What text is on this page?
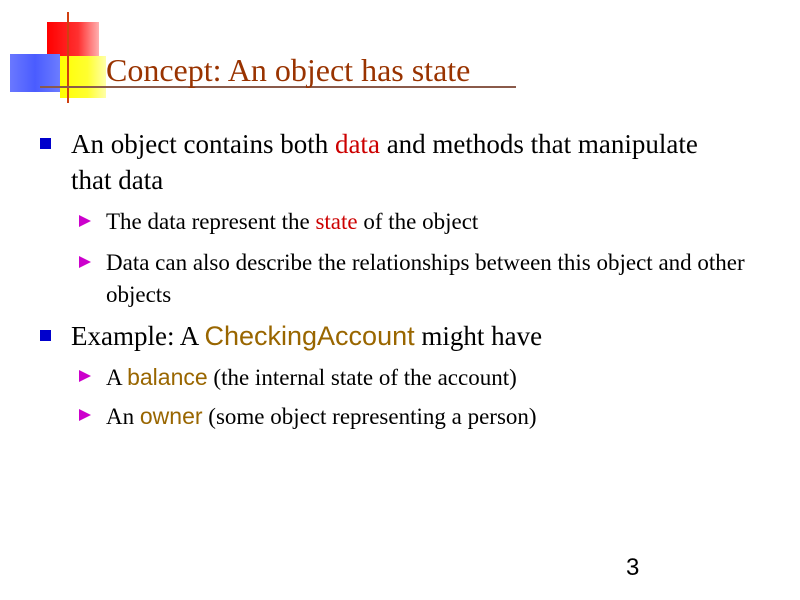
Concept: An object has state
An object contains both data and methods that manipulate that data
The data represent the state of the object
Data can also describe the relationships between this object and other objects
Example: A CheckingAccount might have
A balance (the internal state of the account)
An owner (some object representing a person)
3
